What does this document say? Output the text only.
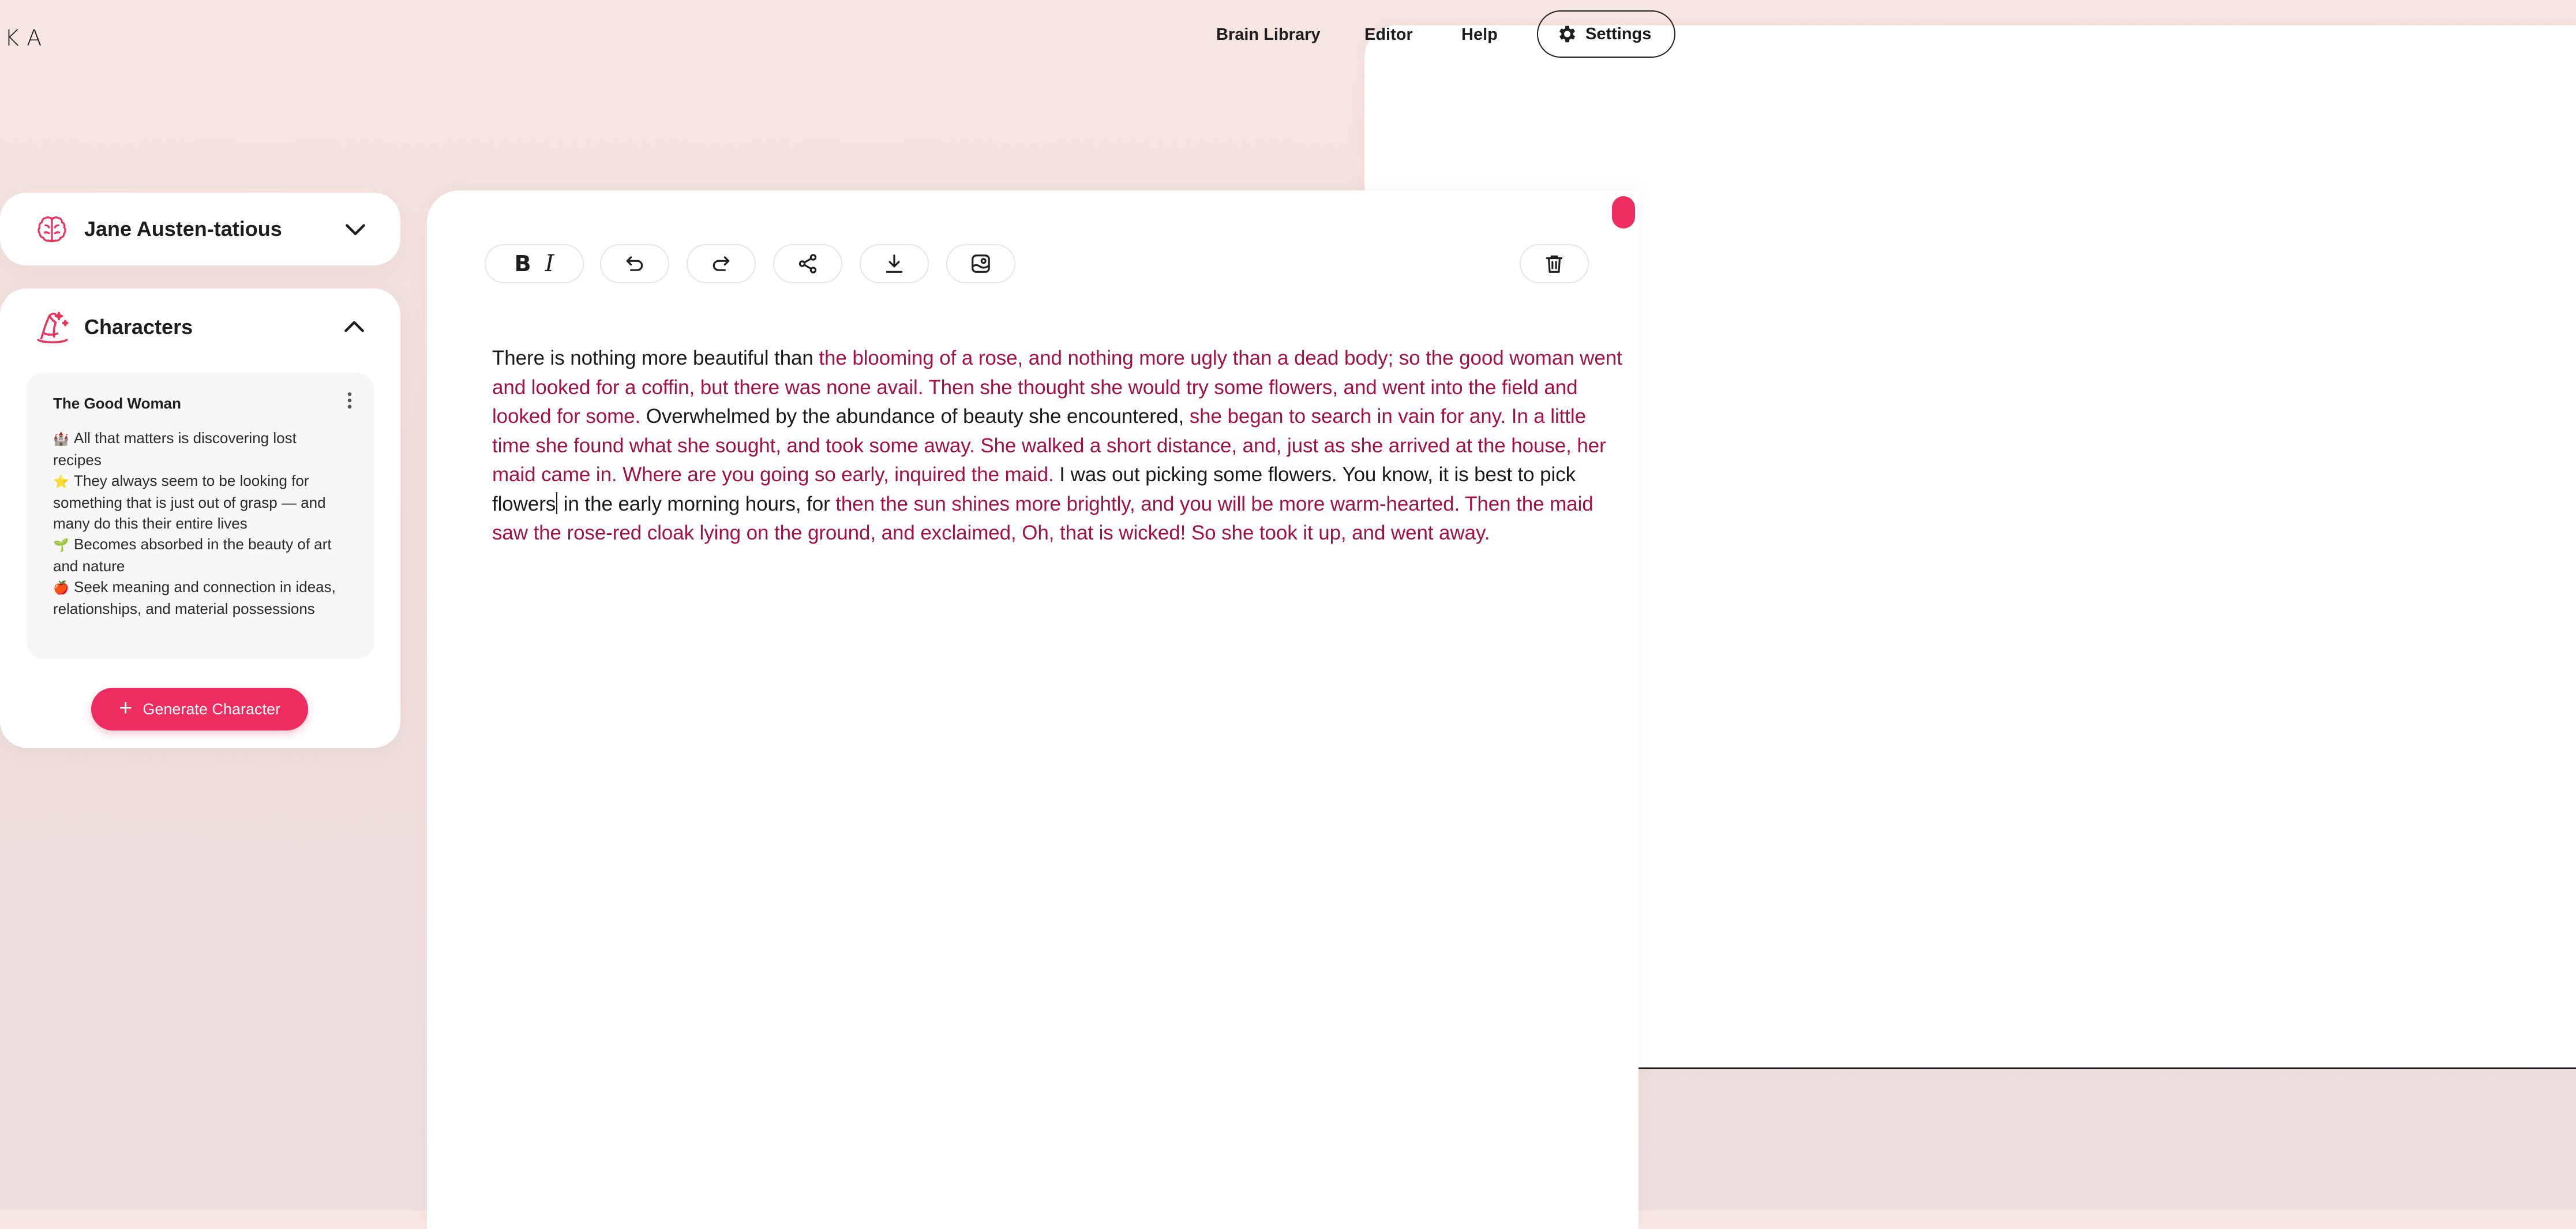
KA	Brain Library	Editor	Help	Settings
Jane Austen-tatious
Characters
The Good Woman
🏰 All that matters is discovering lost recipes
⭐ They always seem to be looking for something that is just out of grasp — and many do this their entire lives
🌱 Becomes absorbed in the beauty of art and nature
🍎 Seek meaning and connection in ideas, relationships, and material possessions
+ Generate Character
B I
There is nothing more beautiful than the blooming of a rose, and nothing more ugly than a dead body; so the good woman went and looked for a coffin, but there was none avail. Then she thought she would try some flowers, and went into the field and looked for some. Overwhelmed by the abundance of beauty she encountered, she began to search in vain for any. In a little time she found what she sought, and took some away. She walked a short distance, and, just as she arrived at the house, her maid came in. Where are you going so early, inquired the maid. I was out picking some flowers. You know, it is best to pick flowers in the early morning hours, for then the sun shines more brightly, and you will be more warm-hearted. Then the maid saw the rose-red cloak lying on the ground, and exclaimed, Oh, that is wicked! So she took it up, and went away.
